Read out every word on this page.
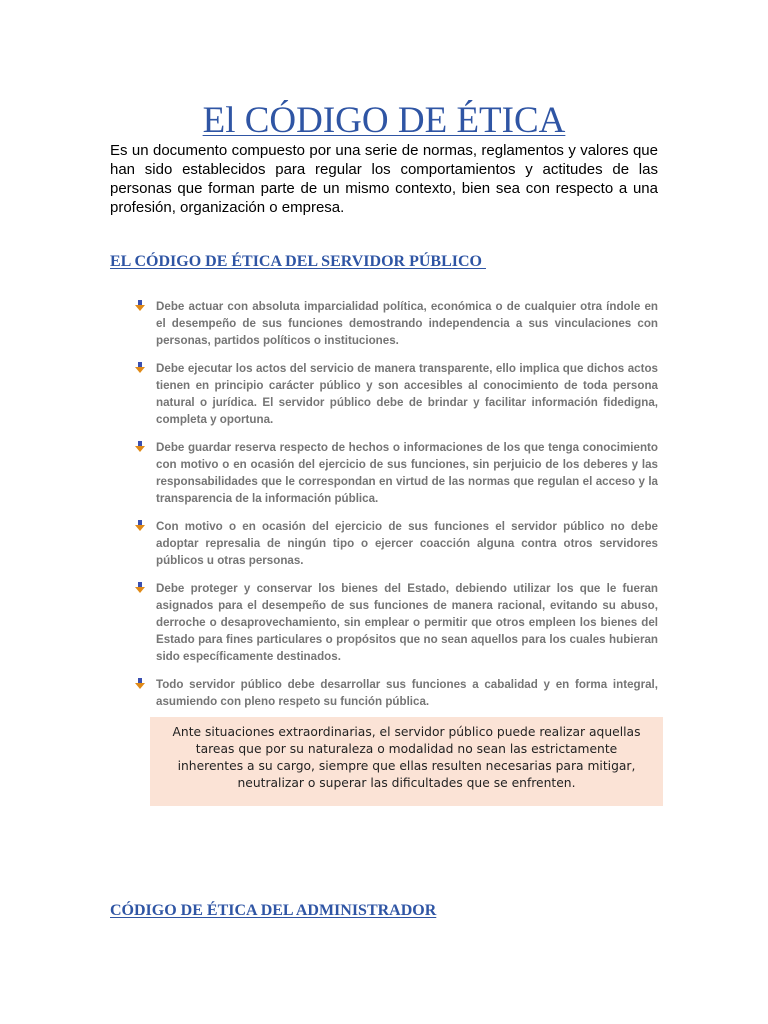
El CÓDIGO DE ÉTICA

Es un documento compuesto por una serie de normas, reglamentos y valores que han sido establecidos para regular los comportamientos y actitudes de las personas que forman parte de un mismo contexto, bien sea con respecto a una profesión, organización o empresa.

EL CÓDIGO DE ÉTICA DEL SERVIDOR PÚBLICO
Debe actuar con absoluta imparcialidad política, económica o de cualquier otra índole en el desempeño de sus funciones demostrando independencia a sus vinculaciones con personas, partidos políticos o instituciones.
Debe ejecutar los actos del servicio de manera transparente, ello implica que dichos actos tienen en principio carácter público y son accesibles al conocimiento de toda persona natural o jurídica. El servidor público debe de brindar y facilitar información fidedigna, completa y oportuna.
Debe guardar reserva respecto de hechos o informaciones de los que tenga conocimiento con motivo o en ocasión del ejercicio de sus funciones, sin perjuicio de los deberes y las responsabilidades que le correspondan en virtud de las normas que regulan el acceso y la transparencia de la información pública.
Con motivo o en ocasión del ejercicio de sus funciones el servidor público no debe adoptar represalia de ningún tipo o ejercer coacción alguna contra otros servidores públicos u otras personas.
Debe proteger y conservar los bienes del Estado, debiendo utilizar los que le fueran asignados para el desempeño de sus funciones de manera racional, evitando su abuso, derroche o desaprovechamiento, sin emplear o permitir que otros empleen los bienes del Estado para fines particulares o propósitos que no sean aquellos para los cuales hubieran sido específicamente destinados.
Todo servidor público debe desarrollar sus funciones a cabalidad y en forma integral, asumiendo con pleno respeto su función pública.
Ante situaciones extraordinarias, el servidor público puede realizar aquellas tareas que por su naturaleza o modalidad no sean las estrictamente inherentes a su cargo, siempre que ellas resulten necesarias para mitigar, neutralizar o superar las dificultades que se enfrenten.
CÓDIGO DE ÉTICA DEL ADMINISTRADOR
